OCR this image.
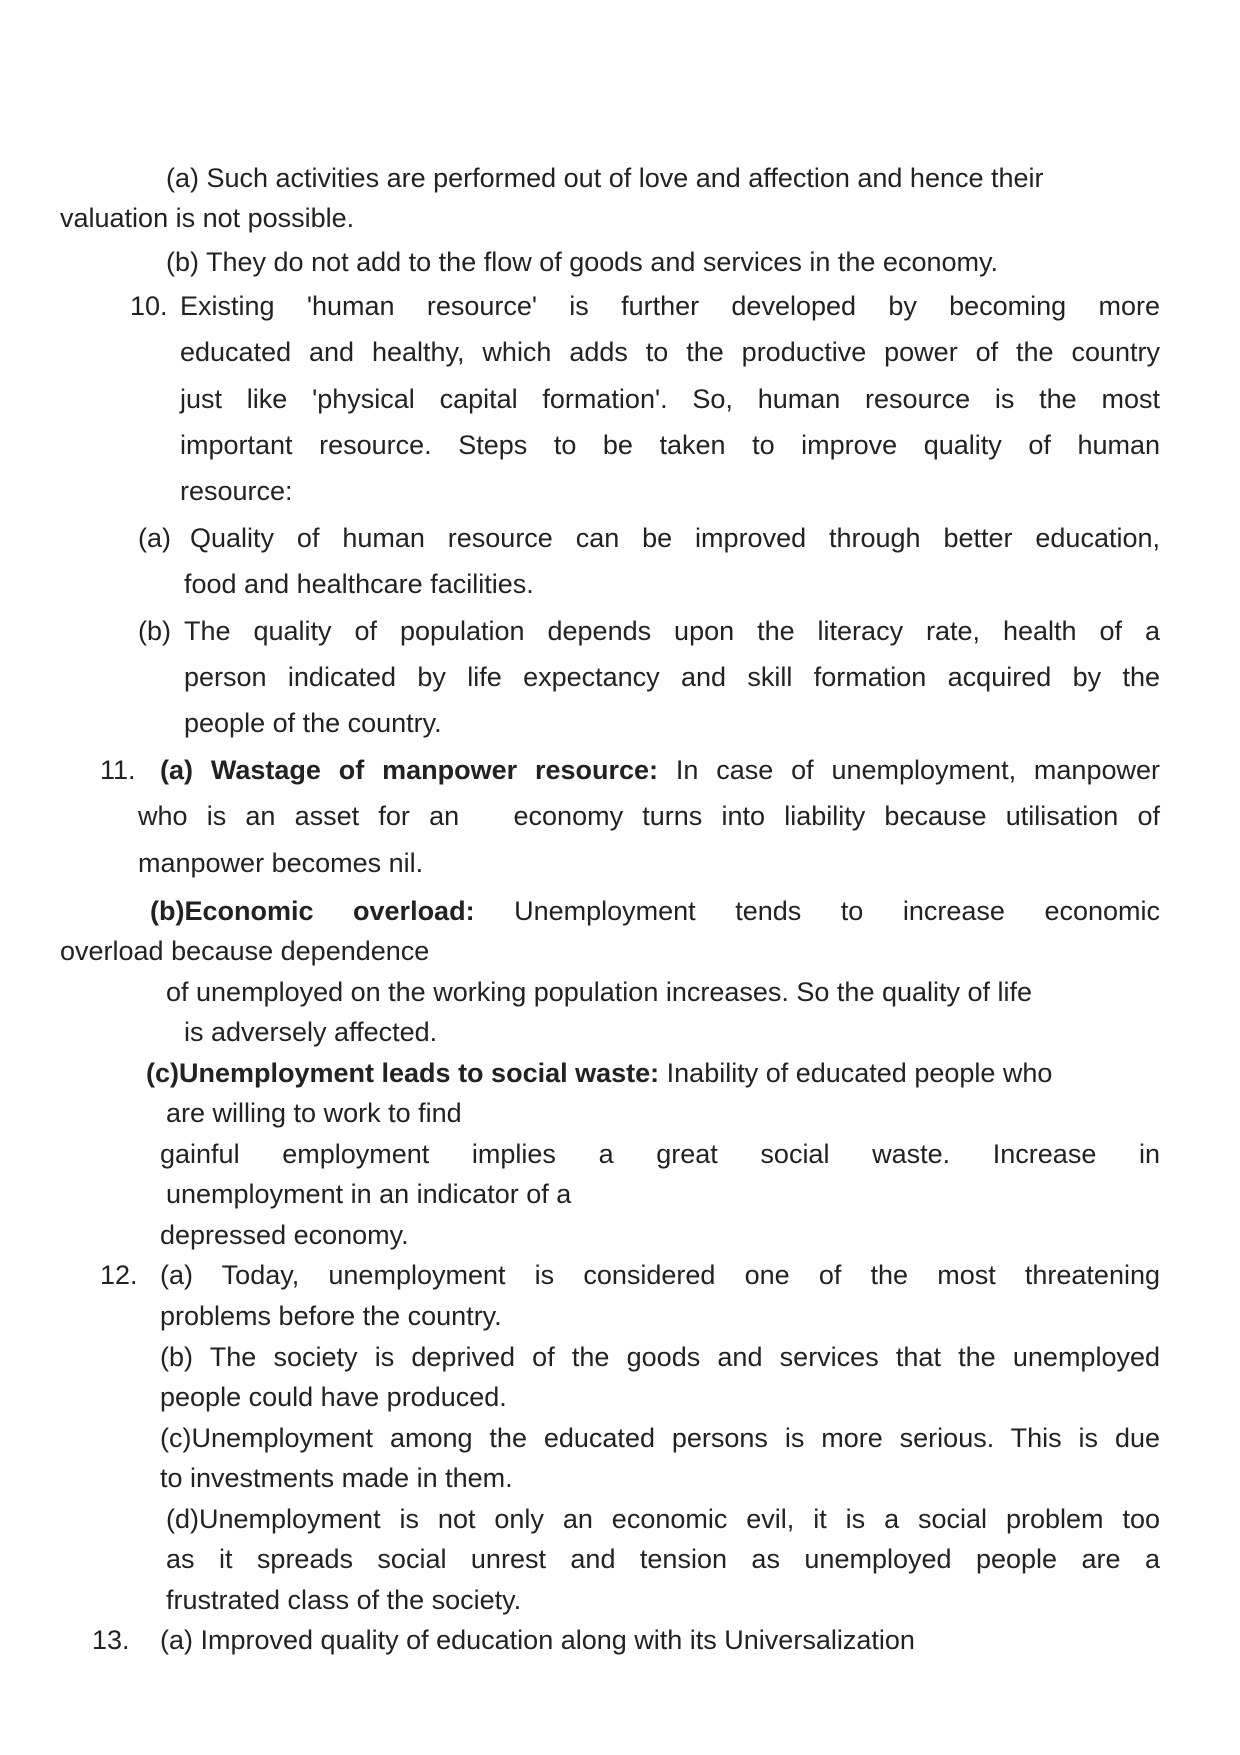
(a) Such activities are performed out of love and affection and hence their
valuation is not possible.
(b) They do not add to the flow of goods and services in the economy.
10. Existing 'human resource' is further developed by becoming more
educated and healthy, which adds to the productive power of the country
just like 'physical capital formation'. So, human resource is the most
important resource. Steps to be taken to improve quality of human
resource:
(a) Quality of human resource can be improved through better education,
food and healthcare facilities.
(b) The quality of population depends upon the literacy rate, health of a
person indicated by life expectancy and skill formation acquired by the
people of the country.
11. (a) Wastage of manpower resource: In case of unemployment, manpower
who is an asset for an economy turns into liability because utilisation of
manpower becomes nil.
(b)Economic overload: Unemployment tends to increase economic
overload because dependence
of unemployed on the working population increases. So the quality of life
is adversely affected.
(c)Unemployment leads to social waste: Inability of educated people who
are willing to work to find
gainful employment implies a great social waste. Increase in
unemployment in an indicator of a
depressed economy.
12. (a) Today, unemployment is considered one of the most threatening
problems before the country.
(b) The society is deprived of the goods and services that the unemployed
people could have produced.
(c)Unemployment among the educated persons is more serious. This is due
to investments made in them.
(d)Unemployment is not only an economic evil, it is a social problem too
as it spreads social unrest and tension as unemployed people are a
frustrated class of the society.
13. (a) Improved quality of education along with its Universalization
